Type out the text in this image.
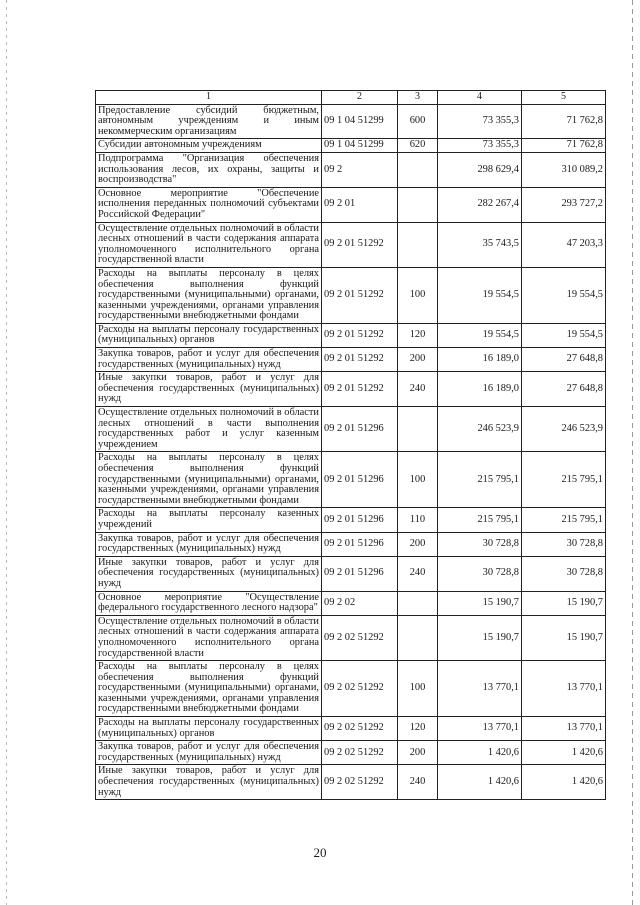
1	2	3	4	5
Предоставление субсидий бюджетным, автономным учреждениям и иным некоммерческим организациям	09 1 04 51299	600	73 355,3	71 762,8
Субсидии автономным учреждениям	09 1 04 51299	620	73 355,3	71 762,8
Подпрограмма "Организация обеспечения использования лесов, их охраны, защиты и воспроизводства"	09 2		298 629,4	310 089,2
Основное мероприятие "Обеспечение исполнения переданных полномочий субъектами Российской Федерации"	09 2 01		282 267,4	293 727,2
Осуществление отдельных полномочий в области лесных отношений в части содержания аппарата уполномоченного исполнительного органа государственной власти	09 2 01 51292		35 743,5	47 203,3
Расходы на выплаты персоналу в целях обеспечения выполнения функций государственными (муниципальными) органами, казенными учреждениями, органами управления государственными внебюджетными фондами	09 2 01 51292	100	19 554,5	19 554,5
Расходы на выплаты персоналу государственных (муниципальных) органов	09 2 01 51292	120	19 554,5	19 554,5
Закупка товаров, работ и услуг для обеспечения государственных (муниципальных) нужд	09 2 01 51292	200	16 189,0	27 648,8
Иные закупки товаров, работ и услуг для обеспечения государственных (муниципальных) нужд	09 2 01 51292	240	16 189,0	27 648,8
Осуществление отдельных полномочий в области лесных отношений в части выполнения государственных работ и услуг казенным учреждением	09 2 01 51296		246 523,9	246 523,9
Расходы на выплаты персоналу в целях обеспечения выполнения функций государственными (муниципальными) органами, казенными учреждениями, органами управления государственными внебюджетными фондами	09 2 01 51296	100	215 795,1	215 795,1
Расходы на выплаты персоналу казенных учреждений	09 2 01 51296	110	215 795,1	215 795,1
Закупка товаров, работ и услуг для обеспечения государственных (муниципальных) нужд	09 2 01 51296	200	30 728,8	30 728,8
Иные закупки товаров, работ и услуг для обеспечения государственных (муниципальных) нужд	09 2 01 51296	240	30 728,8	30 728,8
Основное мероприятие "Осуществление федерального государственного лесного надзора"	09 2 02		15 190,7	15 190,7
Осуществление отдельных полномочий в области лесных отношений в части содержания аппарата уполномоченного исполнительного органа государственной власти	09 2 02 51292		15 190,7	15 190,7
Расходы на выплаты персоналу в целях обеспечения выполнения функций государственными (муниципальными) органами, казенными учреждениями, органами управления государственными внебюджетными фондами	09 2 02 51292	100	13 770,1	13 770,1
Расходы на выплаты персоналу государственных (муниципальных) органов	09 2 02 51292	120	13 770,1	13 770,1
Закупка товаров, работ и услуг для обеспечения государственных (муниципальных) нужд	09 2 02 51292	200	1 420,6	1 420,6
Иные закупки товаров, работ и услуг для обеспечения государственных (муниципальных) нужд	09 2 02 51292	240	1 420,6	1 420,6
20
